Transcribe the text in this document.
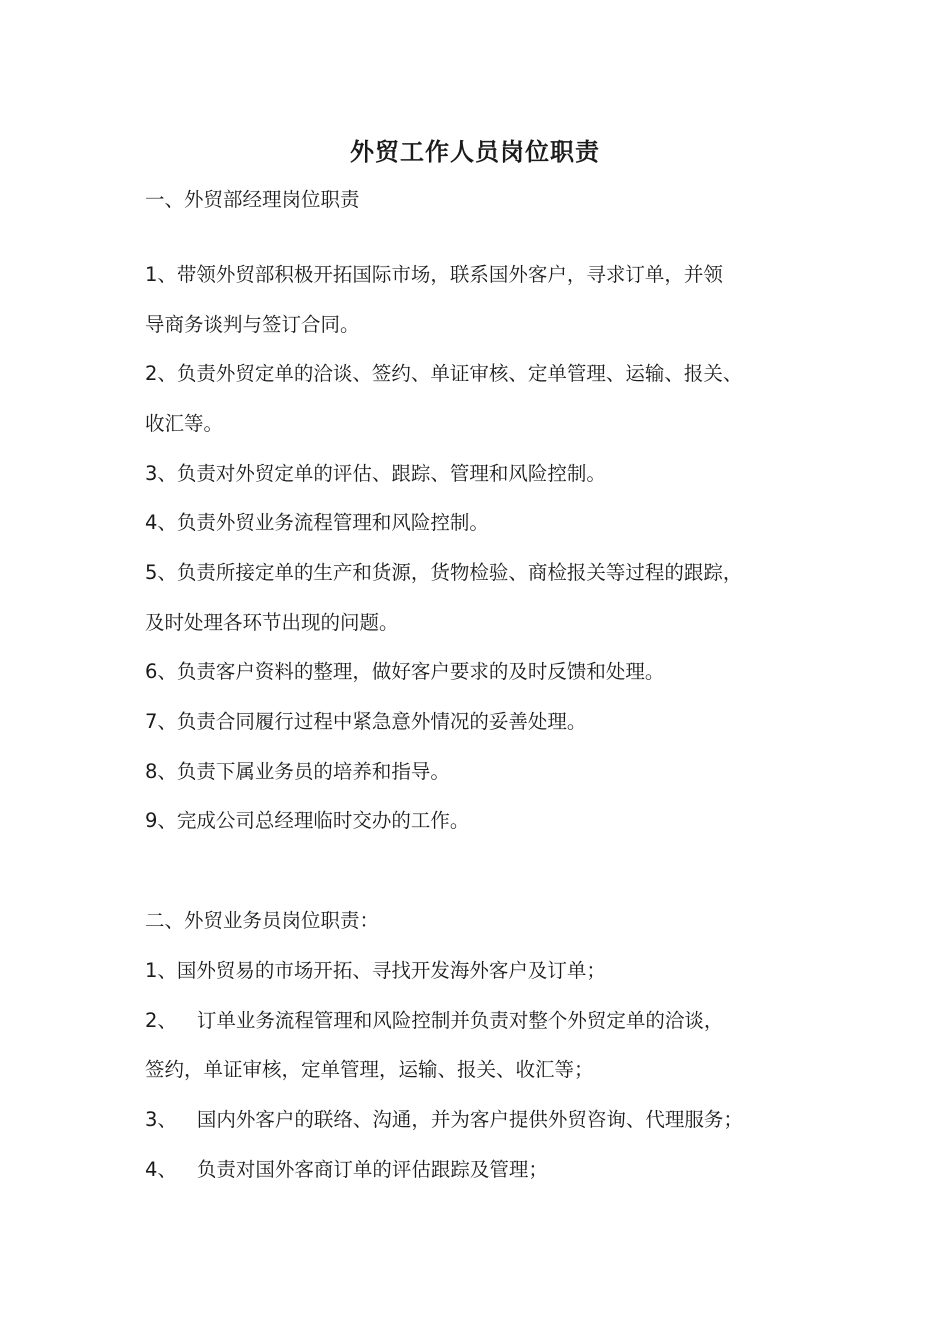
外贸工作人员岗位职责
一、外贸部经理岗位职责
1、带领外贸部积极开拓国际市场，联系国外客户，寻求订单，并领
导商务谈判与签订合同。
2、负责外贸定单的洽谈、签约、单证审核、定单管理、运输、报关、
收汇等。
3、负责对外贸定单的评估、跟踪、管理和风险控制。
4、负责外贸业务流程管理和风险控制。
5、负责所接定单的生产和货源，货物检验、商检报关等过程的跟踪，
及时处理各环节出现的问题。
6、负责客户资料的整理，做好客户要求的及时反馈和处理。
7、负责合同履行过程中紧急意外情况的妥善处理。
8、负责下属业务员的培养和指导。
9、完成公司总经理临时交办的工作。
二、外贸业务员岗位职责：
1、国外贸易的市场开拓、寻找开发海外客户及订单；
2、 订单业务流程管理和风险控制并负责对整个外贸定单的洽谈，
签约，单证审核，定单管理，运输、报关、收汇等；
3、 国内外客户的联络、沟通，并为客户提供外贸咨询、代理服务；
4、 负责对国外客商订单的评估跟踪及管理；
